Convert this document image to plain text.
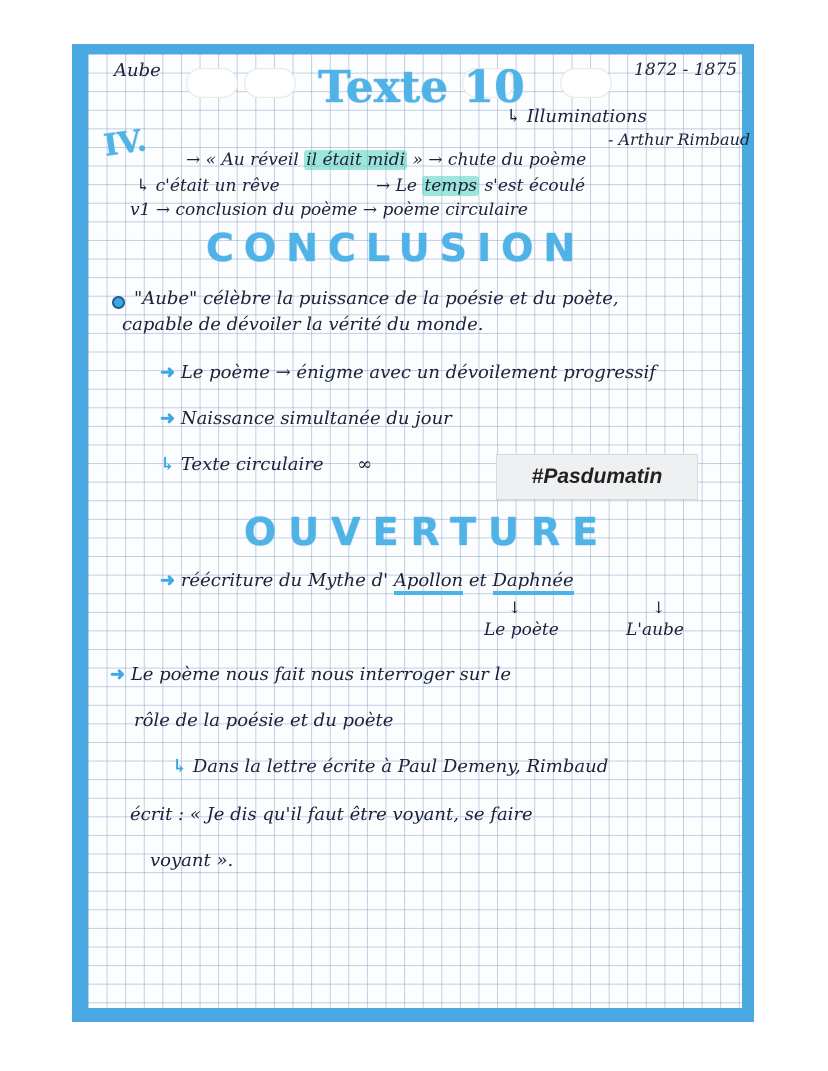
Aube	Texte 10	1872 - 1875
↳ Illuminations
- Arthur Rimbaud
IV. → « Au réveil il était midi » → chute du poème
↳ c'était un rêve	→ Le temps s'est écoulé
v1 → conclusion du poème → poème circulaire
CONCLUSION
"Aube" célèbre la puissance de la poésie et du poète,
capable de dévoiler la vérité du monde.
➜ Le poème → énigme avec un dévoilement progressif
➜ Naissance simultanée du jour
↳ Texte circulaire ∞
#Pasdumatin
OUVERTURE
➜ réécriture du Mythe d' Apollon et Daphnée
↓	↓
Le poète	L'aube
➜ Le poème nous fait nous interroger sur le
rôle de la poésie et du poète
↳ Dans la lettre écrite à Paul Demeny, Rimbaud
écrit : « Je dis qu'il faut être voyant, se faire
voyant ».
